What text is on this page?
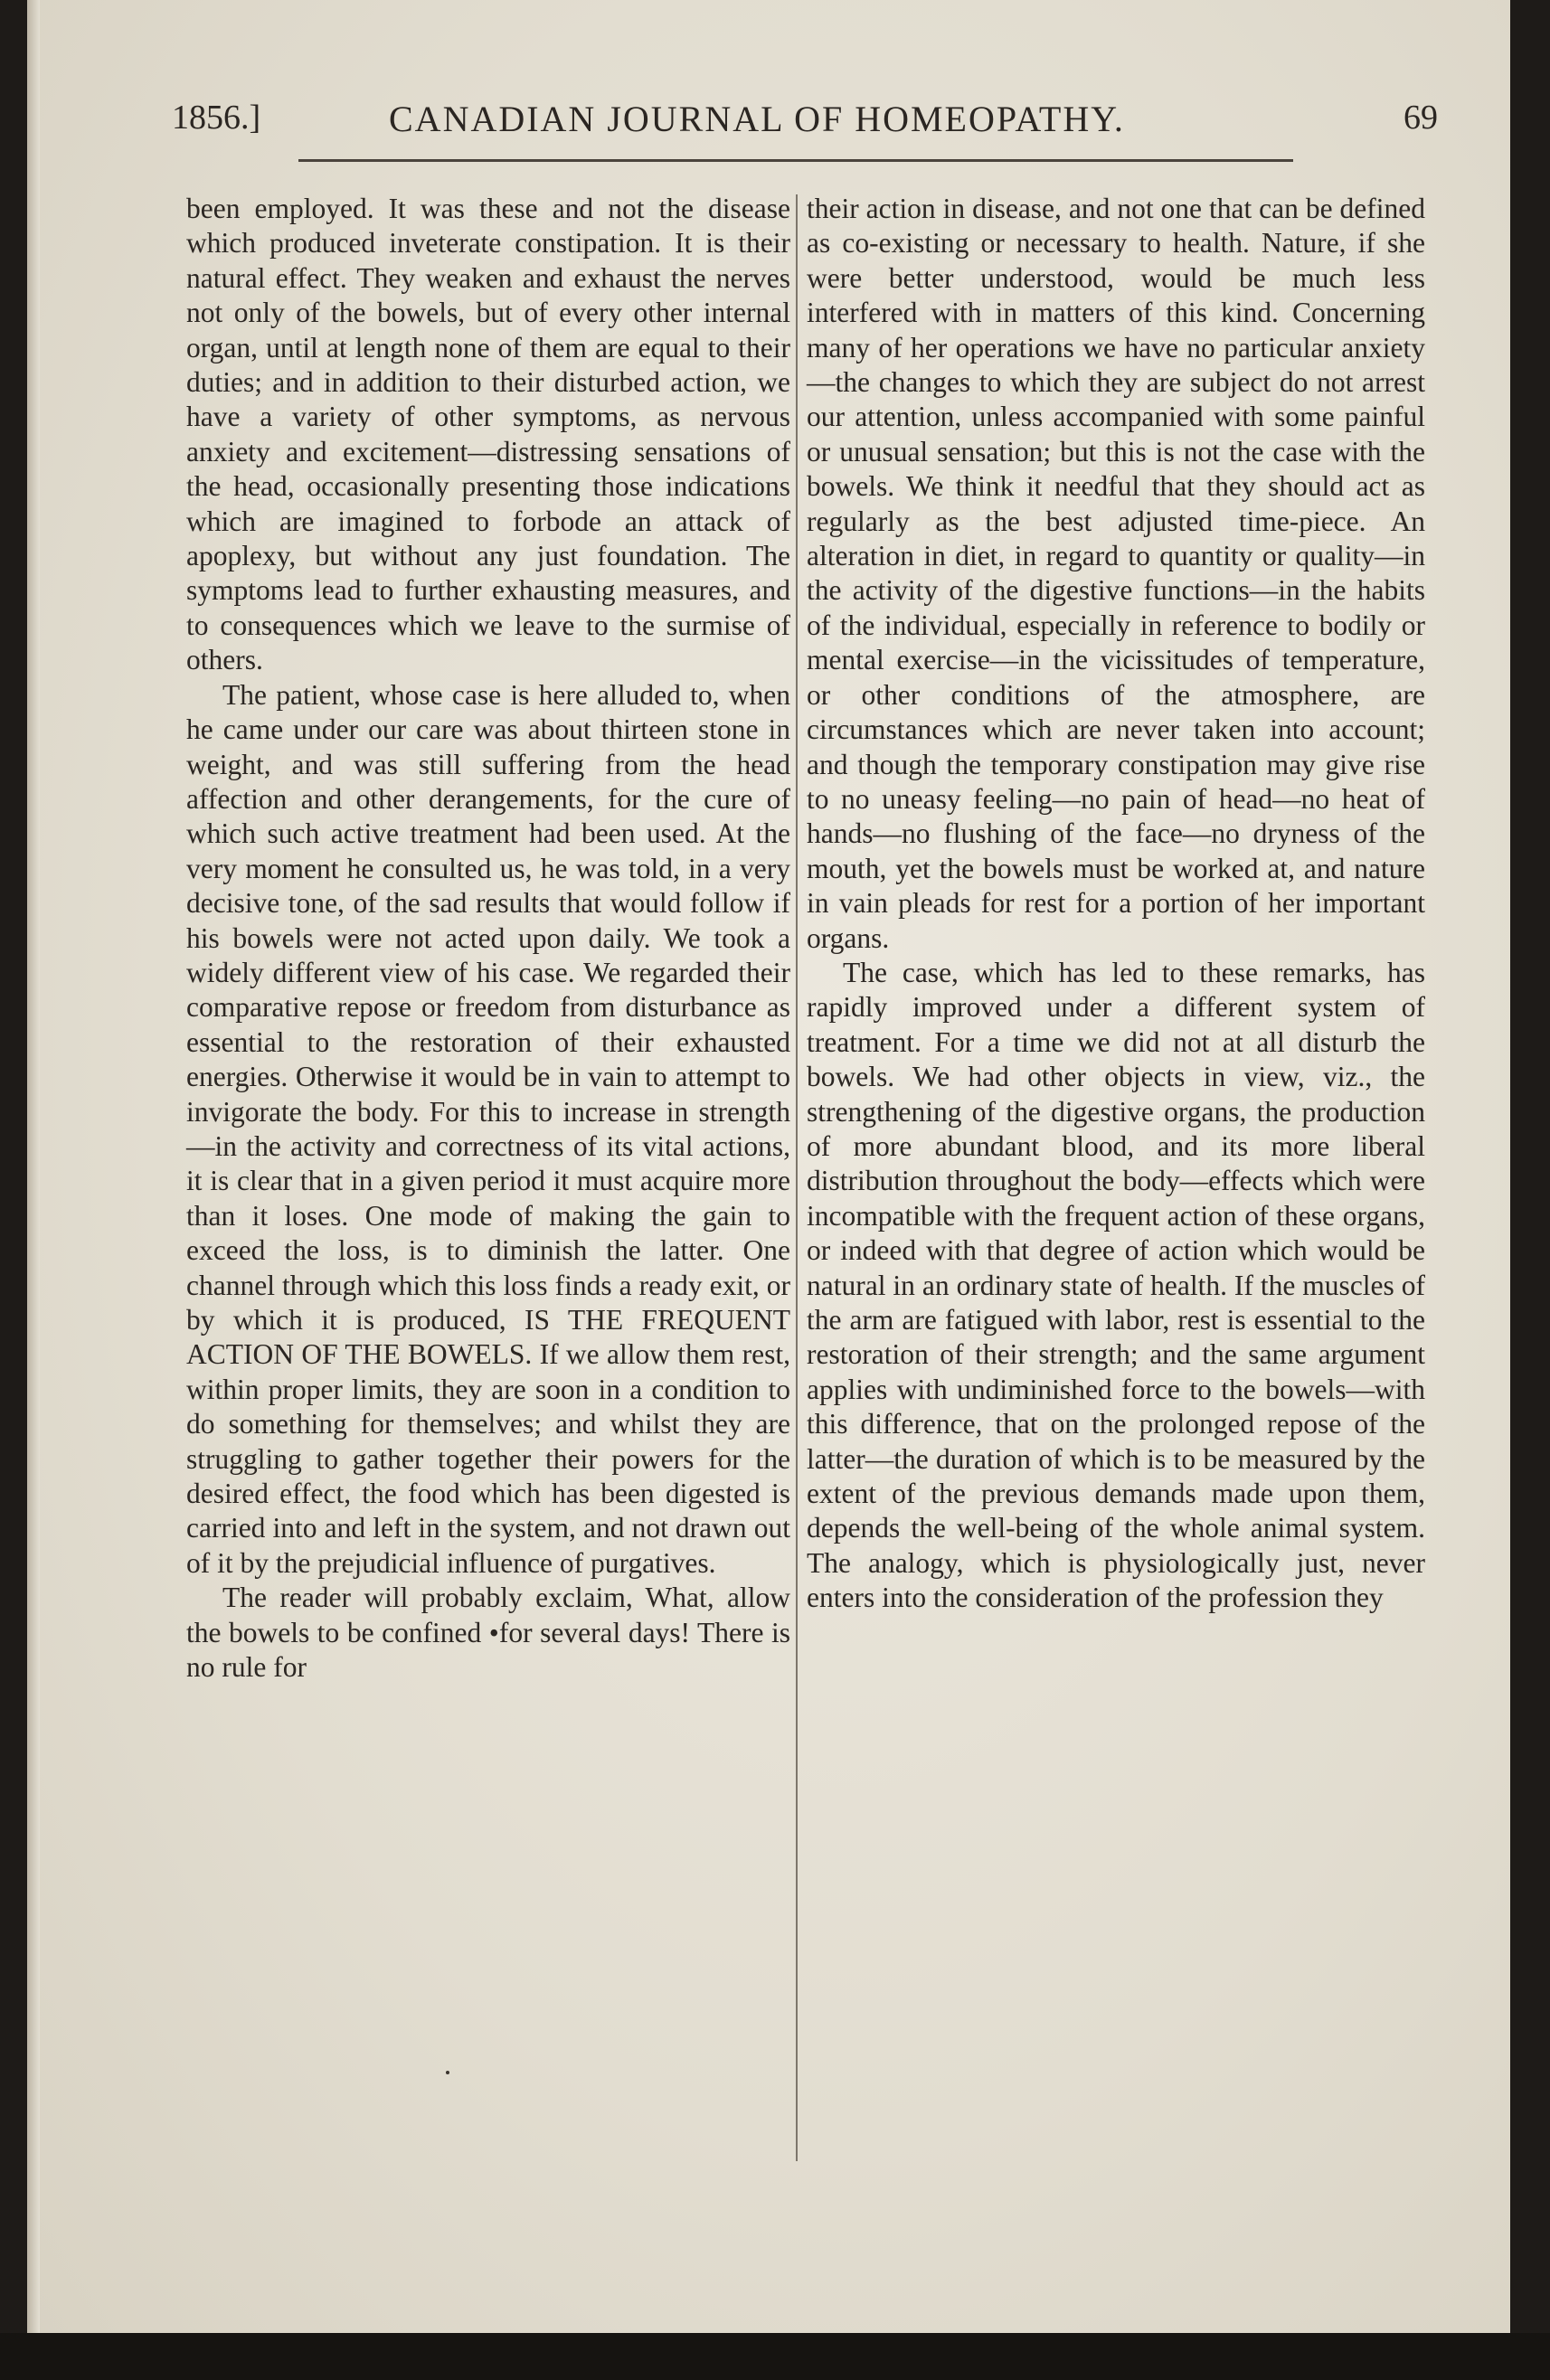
1856.]	CANADIAN JOURNAL OF HOMEOPATHY.	69

been employed. It was these and not the disease which produced inveterate constipation. It is their natural effect. They weaken and exhaust the nerves not only of the bowels, but of every other internal organ, until at length none of them are equal to their duties; and in addition to their disturbed action, we have a variety of other symptoms, as nervous anxiety and excitement—distressing sensations of the head, occasionally presenting those indications which are imagined to forbode an attack of apoplexy, but without any just foundation. The symptoms lead to further exhausting measures, and to consequences which we leave to the surmise of others.

The patient, whose case is here alluded to, when he came under our care was about thirteen stone in weight, and was still suffering from the head affection and other derangements, for the cure of which such active treatment had been used. At the very moment he consulted us, he was told, in a very decisive tone, of the sad results that would follow if his bowels were not acted upon daily. We took a widely different view of his case. We regarded their comparative repose or freedom from disturbance as essential to the restoration of their exhausted energies. Otherwise it would be in vain to attempt to invigorate the body. For this to increase in strength—in the activity and correctness of its vital actions, it is clear that in a given period it must acquire more than it loses. One mode of making the gain to exceed the loss, is to diminish the latter. One channel through which this loss finds a ready exit, or by which it is produced, IS THE FREQUENT ACTION OF THE BOWELS. If we allow them rest, within proper limits, they are soon in a condition to do something for themselves; and whilst they are struggling to gather together their powers for the desired effect, the food which has been digested is carried into and left in the system, and not drawn out of it by the prejudicial influence of purgatives.

The reader will probably exclaim, What, allow the bowels to be confined •for several days! There is no rule for

their action in disease, and not one that can be defined as co-existing or necessary to health. Nature, if she were better understood, would be much less interfered with in matters of this kind. Concerning many of her operations we have no particular anxiety—the changes to which they are subject do not arrest our attention, unless accompanied with some painful or unusual sensation; but this is not the case with the bowels. We think it needful that they should act as regularly as the best adjusted time-piece. An alteration in diet, in regard to quantity or quality—in the activity of the digestive functions—in the habits of the individual, especially in reference to bodily or mental exercise—in the vicissitudes of temperature, or other conditions of the atmosphere, are circumstances which are never taken into account; and though the temporary constipation may give rise to no uneasy feeling—no pain of head—no heat of hands—no flushing of the face—no dryness of the mouth, yet the bowels must be worked at, and nature in vain pleads for rest for a portion of her important organs.

The case, which has led to these remarks, has rapidly improved under a different system of treatment. For a time we did not at all disturb the bowels. We had other objects in view, viz., the strengthening of the digestive organs, the production of more abundant blood, and its more liberal distribution throughout the body—effects which were incompatible with the frequent action of these organs, or indeed with that degree of action which would be natural in an ordinary state of health. If the muscles of the arm are fatigued with labor, rest is essential to the restoration of their strength; and the same argument applies with undiminished force to the bowels—with this difference, that on the prolonged repose of the latter—the duration of which is to be measured by the extent of the previous demands made upon them, depends the well-being of the whole animal system. The analogy, which is physiologically just, never enters into the consideration of the profession they
